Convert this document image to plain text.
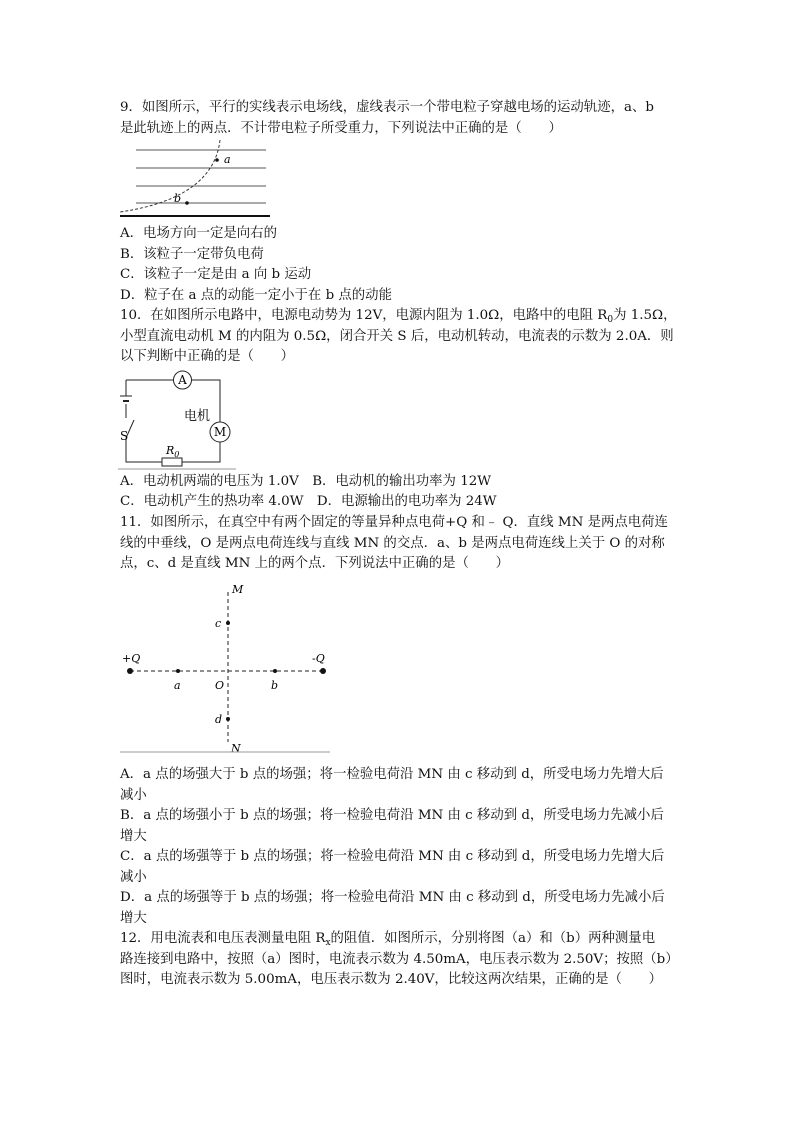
9．如图所示，平行的实线表示电场线，虚线表示一个带电粒子穿越电场的运动轨迹，a、b
是此轨迹上的两点．不计带电粒子所受重力，下列说法中正确的是（　　）
a
b
A．电场方向一定是向右的
B．该粒子一定带负电荷
C．该粒子一定是由 a 向 b 运动
D．粒子在 a 点的动能一定小于在 b 点的动能
10．在如图所示电路中，电源电动势为 12V，电源内阻为 1.0Ω，电路中的电阻 $R_0$为 1.5Ω，
小型直流电动机 M 的内阻为 0.5Ω，闭合开关 S 后，电动机转动，电流表的示数为 2.0A．则
以下判断中正确的是（　　）
A
M
电机
S
$R_0$
A．电动机两端的电压为 1.0V　B．电动机的输出功率为 12W
C．电动机产生的热功率 4.0W　D．电源输出的电功率为 24W
11．如图所示，在真空中有两个固定的等量异种点电荷+Q 和﹣ Q．直线 MN 是两点电荷连
线的中垂线，O 是两点电荷连线与直线 MN 的交点．a、b 是两点电荷连线上关于 O 的对称
点，c、d 是直线 MN 上的两个点．下列说法中正确的是（　　）
M
N
O
+Q	-Q
a	b
c
d
A．a 点的场强大于 b 点的场强；将一检验电荷沿 MN 由 c 移动到 d，所受电场力先增大后
减小
B．a 点的场强小于 b 点的场强；将一检验电荷沿 MN 由 c 移动到 d，所受电场力先减小后
增大
C．a 点的场强等于 b 点的场强；将一检验电荷沿 MN 由 c 移动到 d，所受电场力先增大后
减小
D．a 点的场强等于 b 点的场强；将一检验电荷沿 MN 由 c 移动到 d，所受电场力先减小后
增大
12．用电流表和电压表测量电阻 $R_x$的阻值．如图所示，分别将图（a）和（b）两种测量电
路连接到电路中，按照（a）图时，电流表示数为 4.50mA，电压表示数为 2.50V；按照（b）
图时，电流表示数为 5.00mA，电压表示数为 2.40V，比较这两次结果，正确的是（　　）
